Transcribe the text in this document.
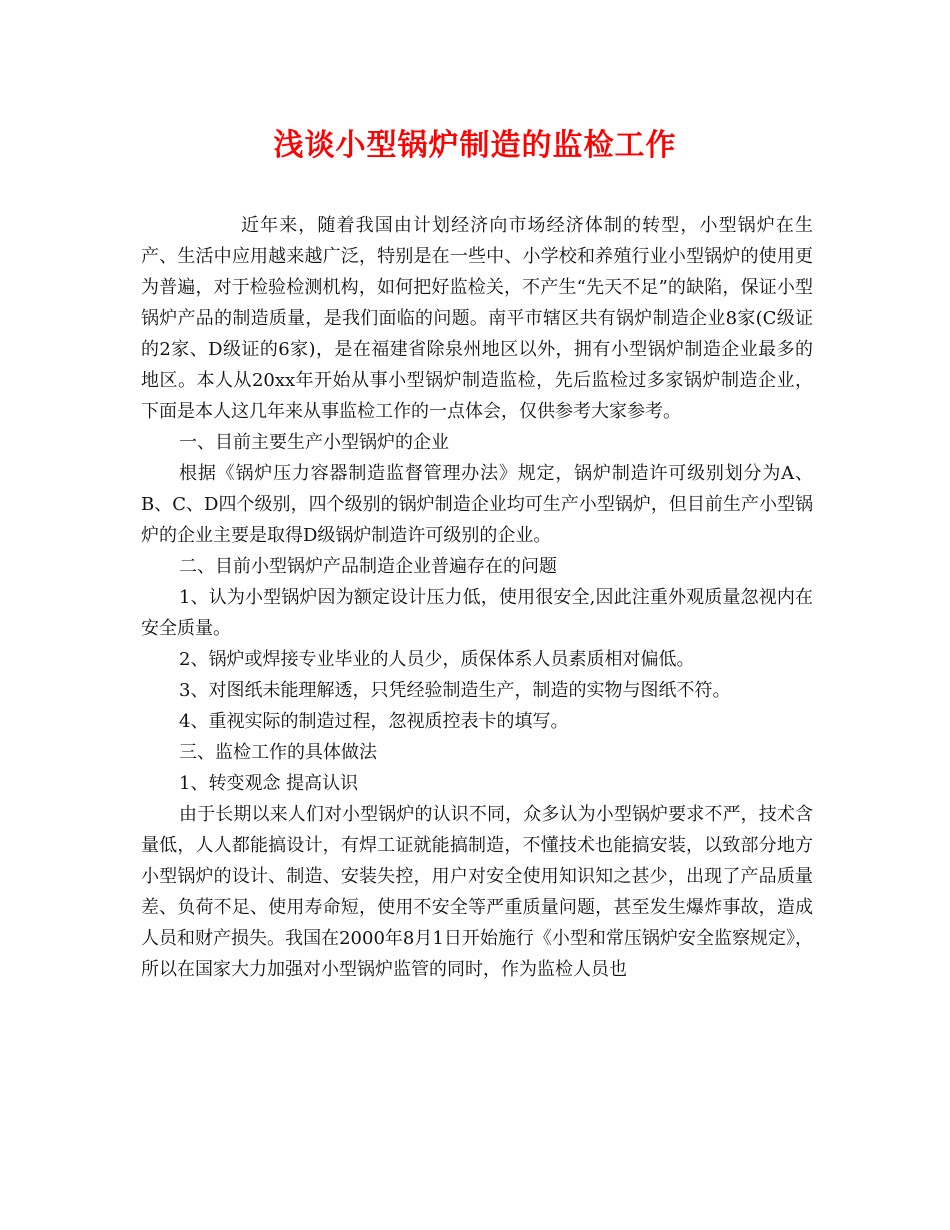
浅谈小型锅炉制造的监检工作

近年来，随着我国由计划经济向市场经济体制的转型，小型锅炉在生产、生活中应用越来越广泛，特别是在一些中、小学校和养殖行业小型锅炉的使用更为普遍，对于检验检测机构，如何把好监检关，不产生“先天不足”的缺陷，保证小型锅炉产品的制造质量，是我们面临的问题。南平市辖区共有锅炉制造企业8家(C级证的2家、D级证的6家)，是在福建省除泉州地区以外，拥有小型锅炉制造企业最多的地区。本人从20xx年开始从事小型锅炉制造监检，先后监检过多家锅炉制造企业，下面是本人这几年来从事监检工作的一点体会，仅供参考大家参考。

一、目前主要生产小型锅炉的企业

根据《锅炉压力容器制造监督管理办法》规定，锅炉制造许可级别划分为A、B、C、D四个级别，四个级别的锅炉制造企业均可生产小型锅炉，但目前生产小型锅炉的企业主要是取得D级锅炉制造许可级别的企业。

二、目前小型锅炉产品制造企业普遍存在的问题

1、认为小型锅炉因为额定设计压力低，使用很安全,因此注重外观质量忽视内在安全质量。

2、锅炉或焊接专业毕业的人员少，质保体系人员素质相对偏低。

3、对图纸未能理解透，只凭经验制造生产，制造的实物与图纸不符。

4、重视实际的制造过程，忽视质控表卡的填写。

三、监检工作的具体做法

1、转变观念 提高认识

由于长期以来人们对小型锅炉的认识不同，众多认为小型锅炉要求不严，技术含量低，人人都能搞设计，有焊工证就能搞制造，不懂技术也能搞安装，以致部分地方小型锅炉的设计、制造、安装失控，用户对安全使用知识知之甚少，出现了产品质量差、负荷不足、使用寿命短，使用不安全等严重质量问题，甚至发生爆炸事故，造成人员和财产损失。我国在2000年8月1日开始施行《小型和常压锅炉安全监察规定》，所以在国家大力加强对小型锅炉监管的同时，作为监检人员也
